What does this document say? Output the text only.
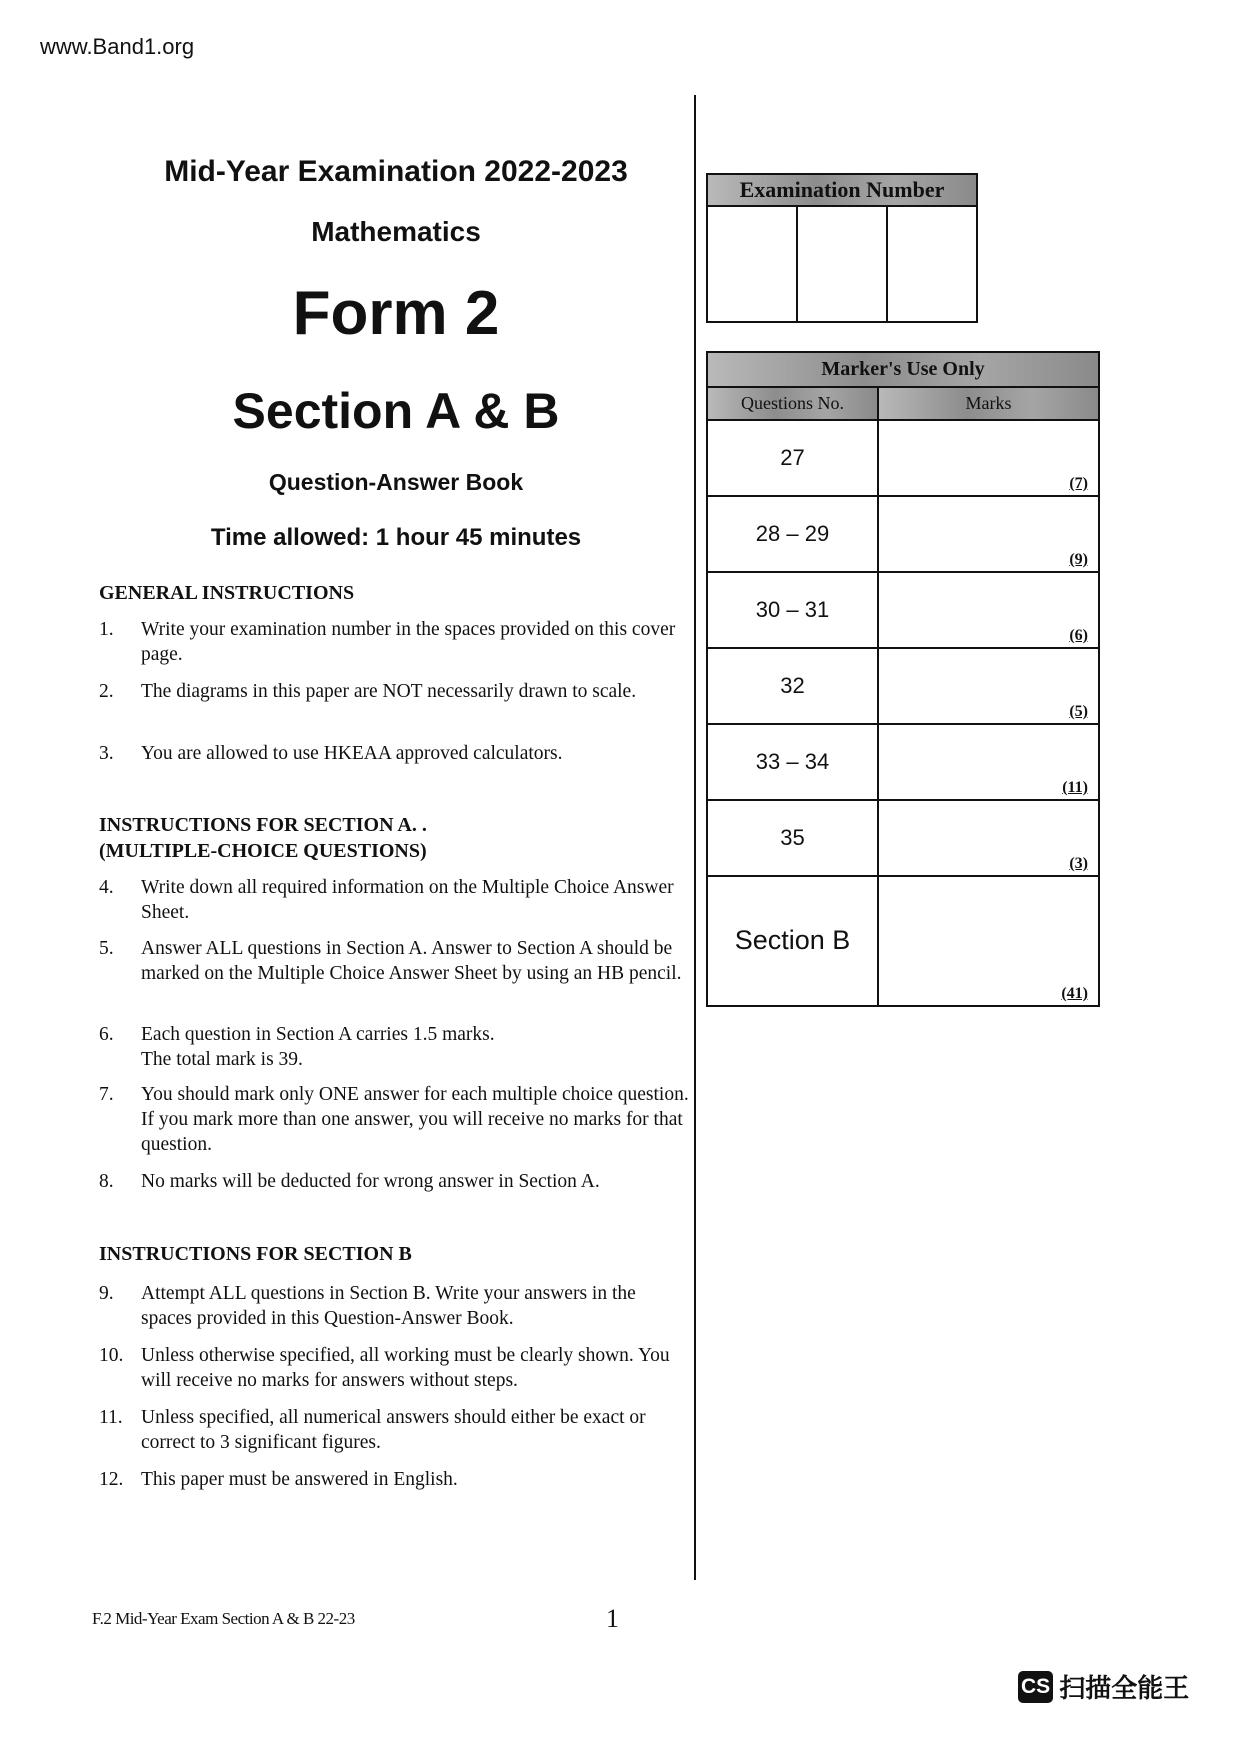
www.Band1.org
Mid-Year Examination 2022-2023
Mathematics
Form 2
Section A & B
Question-Answer Book
Time allowed: 1 hour 45 minutes
GENERAL INSTRUCTIONS
1. Write your examination number in the spaces provided on this cover page.
2. The diagrams in this paper are NOT necessarily drawn to scale.
3. You are allowed to use HKEAA approved calculators.
INSTRUCTIONS FOR SECTION A. .
(MULTIPLE-CHOICE QUESTIONS)
4. Write down all required information on the Multiple Choice Answer Sheet.
5. Answer ALL questions in Section A. Answer to Section A should be marked on the Multiple Choice Answer Sheet by using an HB pencil.
6. Each question in Section A carries 1.5 marks. The total mark is 39.
7. You should mark only ONE answer for each multiple choice question. If you mark more than one answer, you will receive no marks for that question.
8. No marks will be deducted for wrong answer in Section A.
INSTRUCTIONS FOR SECTION B
9. Attempt ALL questions in Section B. Write your answers in the spaces provided in this Question-Answer Book.
10. Unless otherwise specified, all working must be clearly shown. You will receive no marks for answers without steps.
11. Unless specified, all numerical answers should either be exact or correct to 3 significant figures.
12. This paper must be answered in English.
Examination Number

Marker's Use Only	
Questions No.	Marks
27	(7)

28 – 29	(9)

30 – 31	(6)

32	(5)

33 – 34	(11)

35	(3)

Section B	(41)
F.2 Mid-Year Exam Section A & B 22-23	1
CS 扫描全能王
